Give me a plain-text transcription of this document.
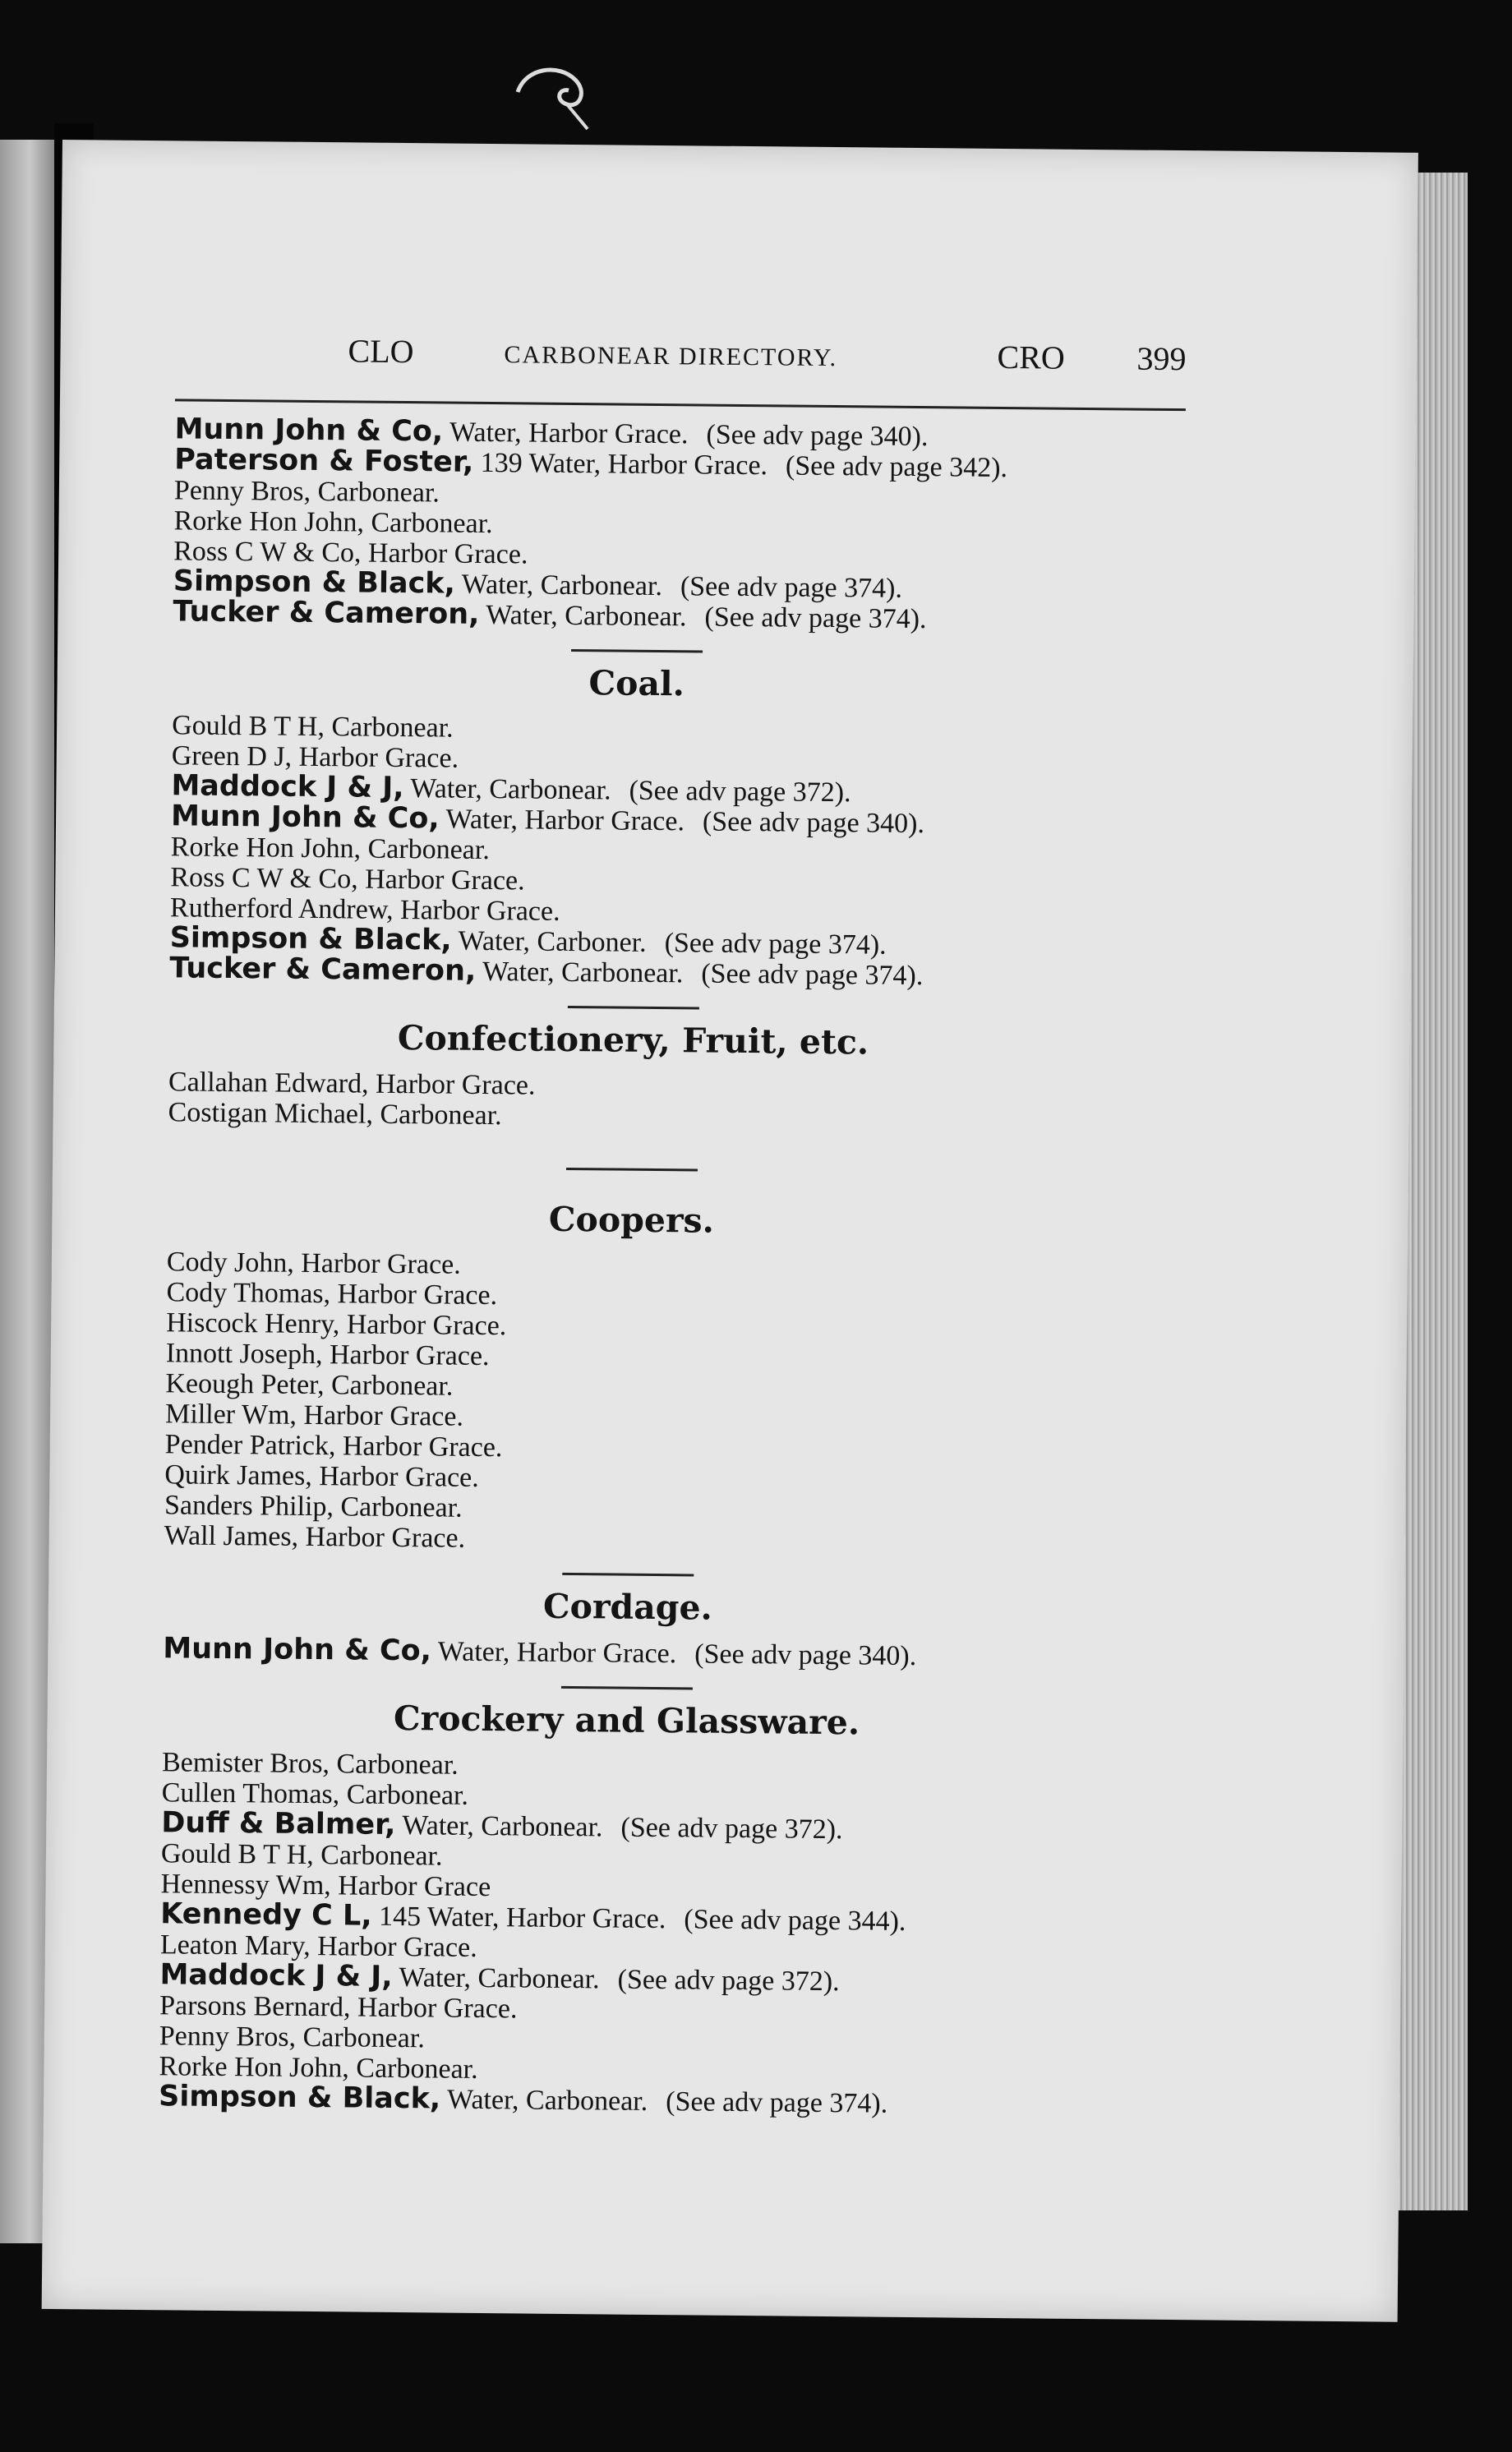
CLO	CARBONEAR DIRECTORY.	CRO 399
Munn John & Co, Water, Harbor Grace. (See adv page 340).
Paterson & Foster, 139 Water, Harbor Grace. (See adv page 342).
Penny Bros, Carbonear.
Rorke Hon John, Carbonear.
Ross C W & Co, Harbor Grace.
Simpson & Black, Water, Carbonear. (See adv page 374).
Tucker & Cameron, Water, Carbonear. (See adv page 374).
Coal.
Gould B T H, Carbonear.
Green D J, Harbor Grace.
Maddock J & J, Water, Carbonear. (See adv page 372).
Munn John & Co, Water, Harbor Grace. (See adv page 340).
Rorke Hon John, Carbonear.
Ross C W & Co, Harbor Grace.
Rutherford Andrew, Harbor Grace.
Simpson & Black, Water, Carboner. (See adv page 374).
Tucker & Cameron, Water, Carbonear. (See adv page 374).
Confectionery, Fruit, etc.
Callahan Edward, Harbor Grace.
Costigan Michael, Carbonear.
Coopers.
Cody John, Harbor Grace.
Cody Thomas, Harbor Grace.
Hiscock Henry, Harbor Grace.
Innott Joseph, Harbor Grace.
Keough Peter, Carbonear.
Miller Wm, Harbor Grace.
Pender Patrick, Harbor Grace.
Quirk James, Harbor Grace.
Sanders Philip, Carbonear.
Wall James, Harbor Grace.
Cordage.
Munn John & Co, Water, Harbor Grace. (See adv page 340).
Crockery and Glassware.
Bemister Bros, Carbonear.
Cullen Thomas, Carbonear.
Duff & Balmer, Water, Carbonear. (See adv page 372).
Gould B T H, Carbonear.
Hennessy Wm, Harbor Grace
Kennedy C L, 145 Water, Harbor Grace. (See adv page 344).
Leaton Mary, Harbor Grace.
Maddock J & J, Water, Carbonear. (See adv page 372).
Parsons Bernard, Harbor Grace.
Penny Bros, Carbonear.
Rorke Hon John, Carbonear.
Simpson & Black, Water, Carbonear. (See adv page 374).
